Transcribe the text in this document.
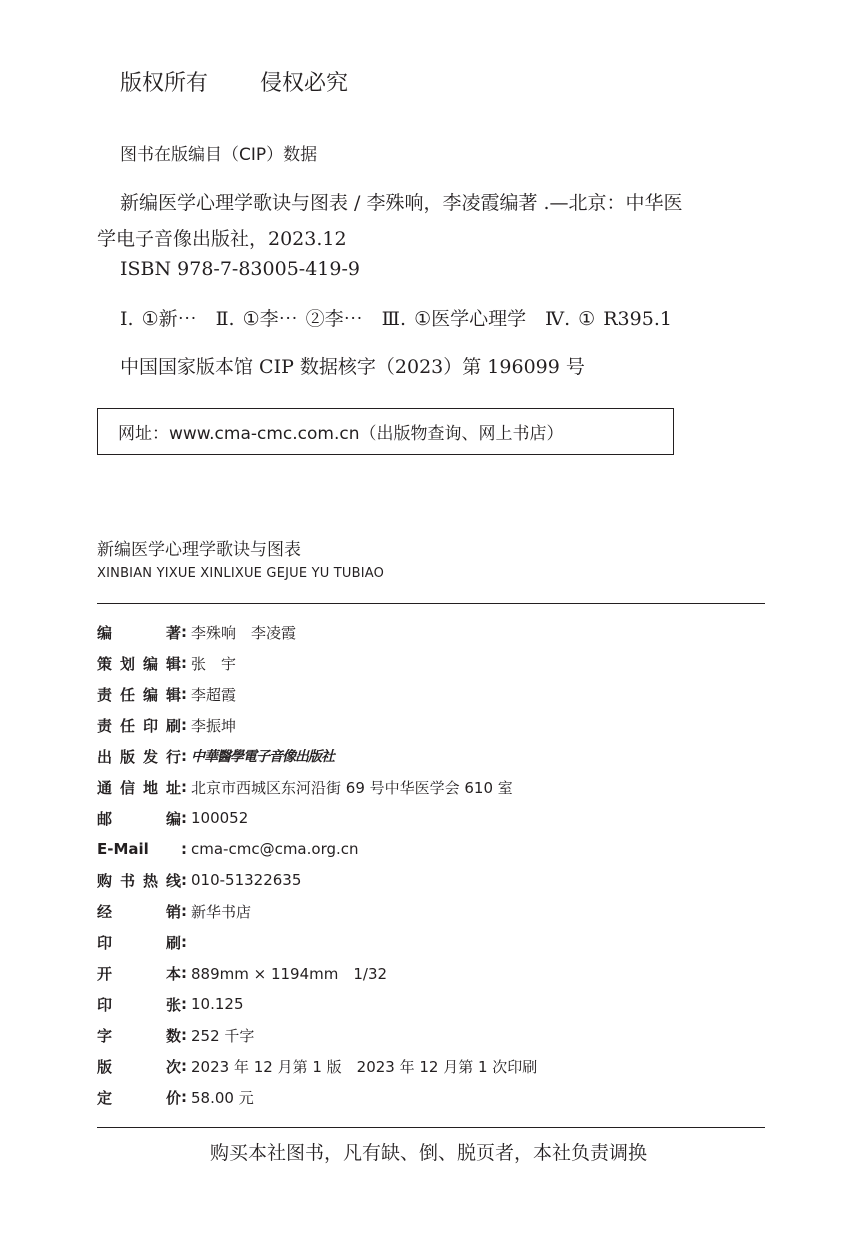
版权所有 侵权必究
图书在版编目（CIP）数据
新编医学心理学歌诀与图表 / 李殊响，李凌霞编著 .—北京：中华医
学电子音像出版社，2023.12
ISBN 978-7-83005-419-9
Ⅰ. ①新⋯　Ⅱ. ①李⋯ ②李⋯　Ⅲ. ①医学心理学　Ⅳ. ① R395.1
中国国家版本馆 CIP 数据核字（2023）第 196099 号
网址：www.cma-cmc.com.cn（出版物查询、网上书店）
新编医学心理学歌诀与图表
XINBIAN YIXUE XINLIXUE GEJUE YU TUBIAO
编著 : 李殊响　李凌霞
策划编辑 : 张　宇
责任编辑 : 李超霞
责任印刷 : 李振坤
出版发行 : 中華醫學電子音像出版社
通信地址 : 北京市西城区东河沿街 69 号中华医学会 610 室
邮编 : 100052
E-Mail	: cma-cmc@cma.org.cn
购书热线 : 010-51322635
经销 : 新华书店
印刷 :
开本 : 889mm × 1194mm　1/32
印张 : 10.125
字数 : 252 千字
版次 : 2023 年 12 月第 1 版　2023 年 12 月第 1 次印刷
定价 : 58.00 元
购买本社图书，凡有缺、倒、脱页者，本社负责调换
